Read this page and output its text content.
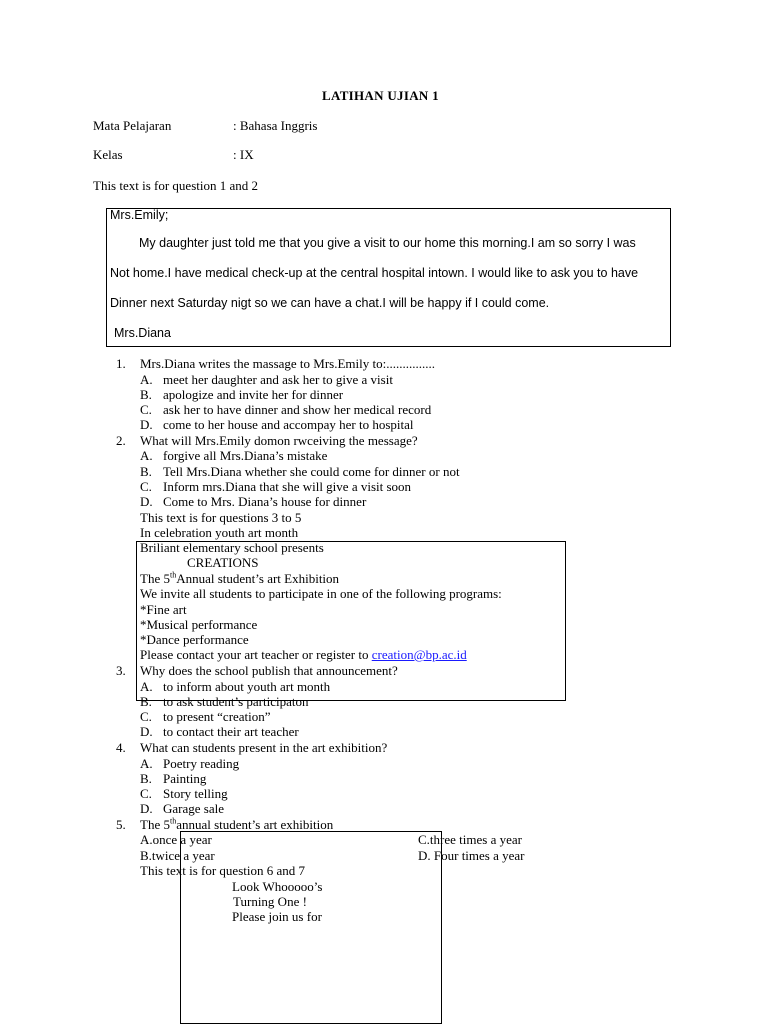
LATIHAN UJIAN 1
Mata Pelajaran	: Bahasa Inggris
Kelas	: IX
This text is for question 1 and 2
Mrs.Emily;
My daughter just told me that you give a visit to our home this morning.I am so sorry I was
Not home.I have medical check-up at the central hospital intown. I would like to ask you to have
Dinner next Saturday nigt so we can have a chat.I will be happy if I could come.
Mrs.Diana
1. Mrs.Diana writes the massage to Mrs.Emily to:...............
A. meet her daughter and ask her to give a visit
B. apologize and invite her for dinner
C. ask her to have dinner and show her medical record
D. come to her house and accompay her to hospital
2. What will Mrs.Emily domon rwceiving the message?
A. forgive all Mrs.Diana’s mistake
B. Tell Mrs.Diana whether she could come for dinner or not
C. Inform mrs.Diana that she will give a visit soon
D. Come to Mrs. Diana’s house for dinner
This text is for questions 3 to 5
In celebration youth art month
Briliant elementary school presents
CREATIONS
The 5thAnnual student’s art Exhibition
We invite all students to participate in one of the following programs:
*Fine art
*Musical performance
*Dance performance
Please contact your art teacher or register to creation@bp.ac.id
3. Why does the school publish that announcement?
A. to inform about youth art month
B. to ask student’s participaton
C. to present “creation”
D. to contact their art teacher
4. What can students present in the art exhibition?
A. Poetry reading
B. Painting
C. Story telling
D. Garage sale
5. The 5thannual student’s art exhibition
A.once a year	C.three times a year
B.twice a year	D. Four times a year
This text is for question 6 and 7
Look Whooooo’s
Turning One !
Please join us for
